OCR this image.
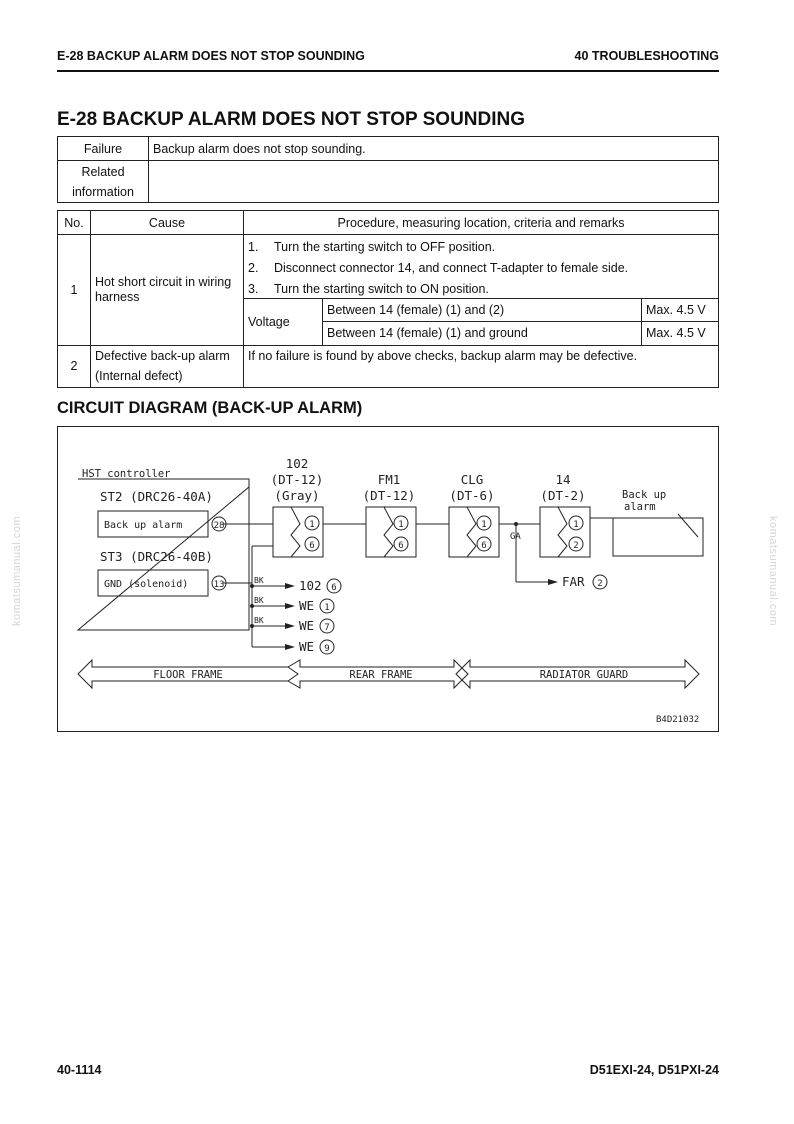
E-28 BACKUP ALARM DOES NOT STOP SOUNDING	40 TROUBLESHOOTING
E-28 BACKUP ALARM DOES NOT STOP SOUNDING
Failure	Backup alarm does not stop sounding.
Related
information	
No.	Cause	Procedure, measuring location, criteria and remarks
1	Hot short circuit in wiring harness	
1. Turn the starting switch to OFF position.
2. Disconnect connector 14, and connect T-adapter to female side.
3. Turn the starting switch to ON position.
Voltage	Between 14 (female) (1) and (2)	Max. 4.5 V
Between 14 (female) (1) and ground	Max. 4.5 V

2	Defective back-up alarm
(Internal defect)	If no failure is found by above checks, backup alarm may be defective.
CIRCUIT DIAGRAM (BACK-UP ALARM)
HST controller
ST2 (DRC26-40A)
Back up alarm
ST3 (DRC26-40B)
GND (solenoid)
28
13
102
(DT-12)
(Gray)
FM1
(DT-12)
CLG
(DT-6)
14
(DT-2)	Back up
alarm
1
6
1
6
1
6
1
2
GA
BK
BK
BK
102 6
WE 1
WE 7
WE 9
FAR 2
FLOOR FRAME	REAR FRAME	RADIATOR GUARD
B4D21032
komatsumanual.com	komatsumanual.com
40-1114	D51EXI-24, D51PXI-24
